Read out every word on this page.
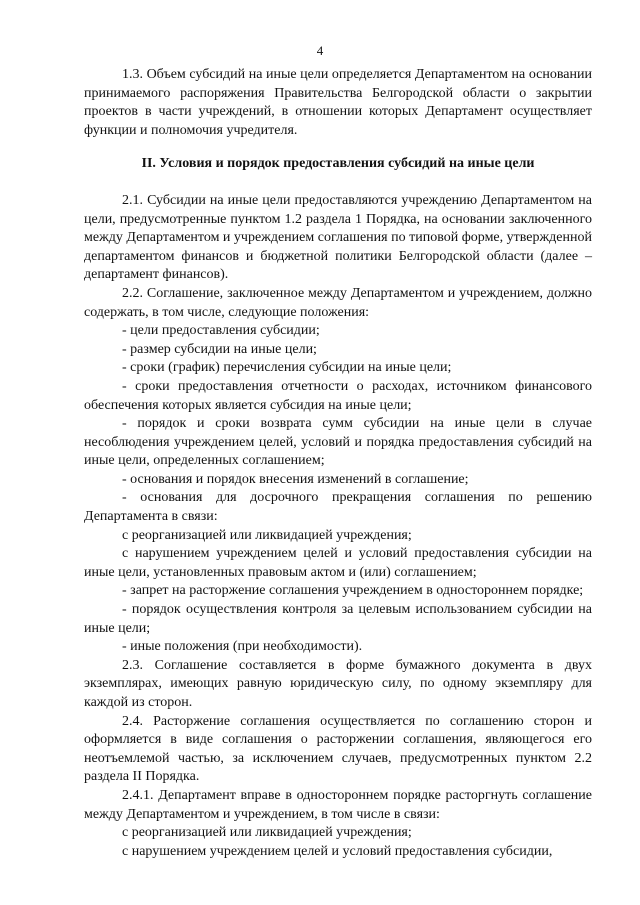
4

1.3. Объем субсидий на иные цели определяется Департаментом на основании принимаемого распоряжения Правительства Белгородской области о закрытии проектов в части учреждений, в отношении которых Департамент осуществляет функции и полномочия учредителя.

II. Условия и порядок предоставления субсидий на иные цели

2.1. Субсидии на иные цели предоставляются учреждению Департаментом на цели, предусмотренные пунктом 1.2 раздела 1 Порядка, на основании заключенного между Департаментом и учреждением соглашения по типовой форме, утвержденной департаментом финансов и бюджетной политики Белгородской области (далее – департамент финансов).

2.2. Соглашение, заключенное между Департаментом и учреждением, должно содержать, в том числе, следующие положения:

- цели предоставления субсидии;

- размер субсидии на иные цели;

- сроки (график) перечисления субсидии на иные цели;

- сроки предоставления отчетности о расходах, источником финансового обеспечения которых является субсидия на иные цели;

- порядок и сроки возврата сумм субсидии на иные цели в случае несоблюдения учреждением целей, условий и порядка предоставления субсидий на иные цели, определенных соглашением;

- основания и порядок внесения изменений в соглашение;

- основания для досрочного прекращения соглашения по решению Департамента в связи:

с реорганизацией или ликвидацией учреждения;

с нарушением учреждением целей и условий предоставления субсидии на иные цели, установленных правовым актом и (или) соглашением;

- запрет на расторжение соглашения учреждением в одностороннем порядке;

- порядок осуществления контроля за целевым использованием субсидии на иные цели;

- иные положения (при необходимости).

2.3. Соглашение составляется в форме бумажного документа в двух экземплярах, имеющих равную юридическую силу, по одному экземпляру для каждой из сторон.

2.4. Расторжение соглашения осуществляется по соглашению сторон и оформляется в виде соглашения о расторжении соглашения, являющегося его неотъемлемой частью, за исключением случаев, предусмотренных пунктом 2.2 раздела II Порядка.

2.4.1. Департамент вправе в одностороннем порядке расторгнуть соглашение между Департаментом и учреждением, в том числе в связи:

с реорганизацией или ликвидацией учреждения;

с нарушением учреждением целей и условий предоставления субсидии,
